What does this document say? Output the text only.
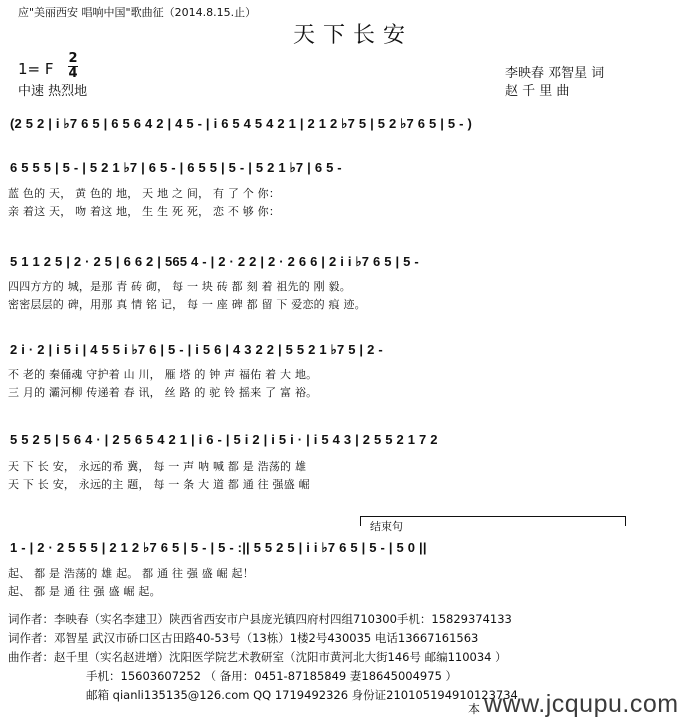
应"美丽西安 唱响中国"歌曲征（2014.8.15.止）
天下长安
1= F
2
4
中速 热烈地
李映春 邓智星 词
赵 千 里 曲
(2 5 2 | i ♭7 6 5 | 6 5 6 4 2 | 4 5 - | i 6 5 4 5 4 2 1 | 2 1 2 ♭7 5 | 5 2 ♭7 6 5 | 5 - )
6 5 5 5 | 5 - | 5 2 1 ♭7 | 6 5 - | 6 5 5 | 5 - | 5 2 1 ♭7 | 6 5 -
蓝 色的 天， 黄 色的 地， 天 地 之 间， 有 了 个 你：
亲 着这 天， 吻 着这 地， 生 生 死 死， 恋 不 够 你：
5 1 1 2 5 | 2 · 2 5 | 6 6 2 | 565 4 - | 2 · 2 2 | 2 · 2 6 6 | 2 i i ♭7 6 5 | 5 -
四四方方的 城，是那 青 砖 砌， 每 一 块 砖 都 刻 着 祖先的 刚 毅。
密密层层的 碑，用那 真 情 铭 记， 每 一 座 碑 都 留 下 爱恋的 痕 迹。
2 i · 2 | i 5 i | 4 5 5 i ♭7 6 | 5 - | i 5 6 | 4 3 2 2 | 5 5 2 1 ♭7 5 | 2 -
不 老的 秦俑魂 守护着 山 川， 雁 塔 的 钟 声 福佑 着 大 地。
三 月的 灞河柳 传递着 春 讯， 丝 路 的 驼 铃 摇来 了 富 裕。
5 5 2 5 | 5 6 4 · | 2 5 6 5 4 2 1 | i 6 - | 5 i 2 | i 5 i · | i 5 4 3 | 2 5 5 2 1 7 2
天 下 长 安， 永远的希 冀， 每 一 声 呐 喊 都 是 浩荡的 雄
天 下 长 安， 永远的主 题， 每 一 条 大 道 都 通 往 强盛 崛
结束句
1 - | 2 · 2 5 5 5 | 2 1 2 ♭7 6 5 | 5 - | 5 - :|| 5 5 2 5 | i i ♭7 6 5 | 5 - | 5 0 ||
起、 都 是 浩荡的 雄 起。 都 通 往 强 盛 崛 起！
起、 都 是 通 往 强 盛 崛 起。
词作者：李映春（实名李建卫）陕西省西安市户县庞光镇四府村四组710300手机：15829374133
词作者：邓智星 武汉市硚口区古田路40-53号（13栋）1楼2号430035 电话13667161563
曲作者：赵千里（实名赵进增）沈阳医学院艺术教研室（沈阳市黄河北大街146号 邮编110034 ）
手机：15603607252 （ 备用：0451-87185849 妻18645004975 ）
邮箱 qianli135135@126.com QQ 1719492326 身份证210105194910123734
本 www.jcqupu.com
